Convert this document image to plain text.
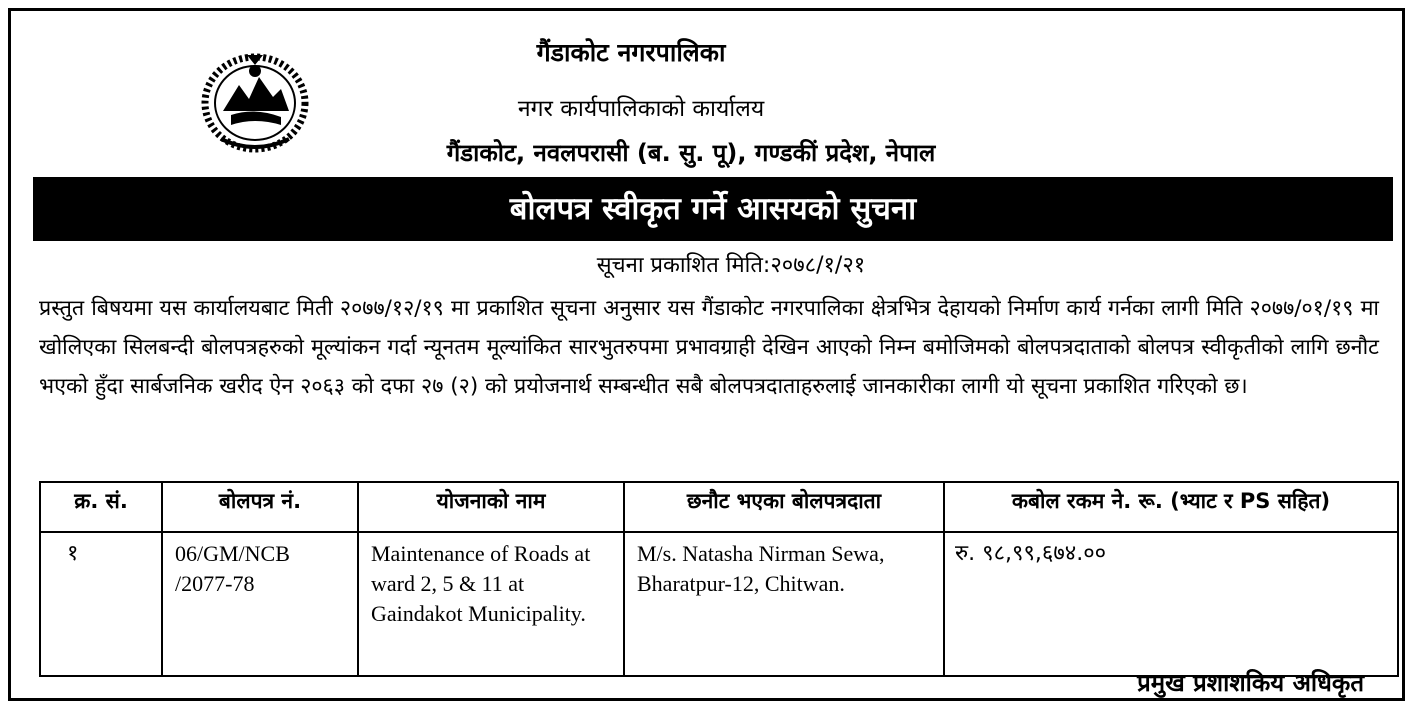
गैंडाकोट नगरपालिका
नगर कार्यपालिकाको कार्यालय
गैंडाकोट, नवलपरासी (ब. सु. पू), गण्डकीं प्रदेश, नेपाल
बोलपत्र स्वीकृत गर्ने आसयको सुचना
सूचना प्रकाशित मिति:२०७८/१/२१
प्रस्तुत बिषयमा यस कार्यालयबाट मिती २०७७/१२/१९ मा प्रकाशित सूचना अनुसार यस गैंडाकोट नगरपालिका क्षेत्रभित्र देहायको निर्माण कार्य गर्नका लागी मिति २०७७/०१/१९ मा खोलिएका सिलबन्दी बोलपत्रहरुको मूल्यांकन गर्दा न्यूनतम मूल्यांकित सारभुतरुपमा प्रभावग्राही देखिन आएको निम्न बमोजिमको बोलपत्रदाताको बोलपत्र स्वीकृतीको लागि छनौट भएको हुँदा सार्बजनिक खरीद ऐन २०६३ को दफा २७ (२) को प्रयोजनार्थ सम्बन्धीत सबै बोलपत्रदाताहरुलाई जानकारीका लागी यो सूचना प्रकाशित गरिएको छ।
क्र. सं.	बोलपत्र नं.	योजनाको नाम	छनौट भएका बोलपत्रदाता	कबोल रकम ने. रू. (भ्याट र PS सहित)
१	06/GM/NCB /2077-78	Maintenance of Roads at ward 2, 5 & 11 at Gaindakot Municipality.	M/s. Natasha Nirman Sewa, Bharatpur-12, Chitwan.	रु. ९८,९९,६७४.००
प्रमुख प्रशाशकिय अधिकृत
